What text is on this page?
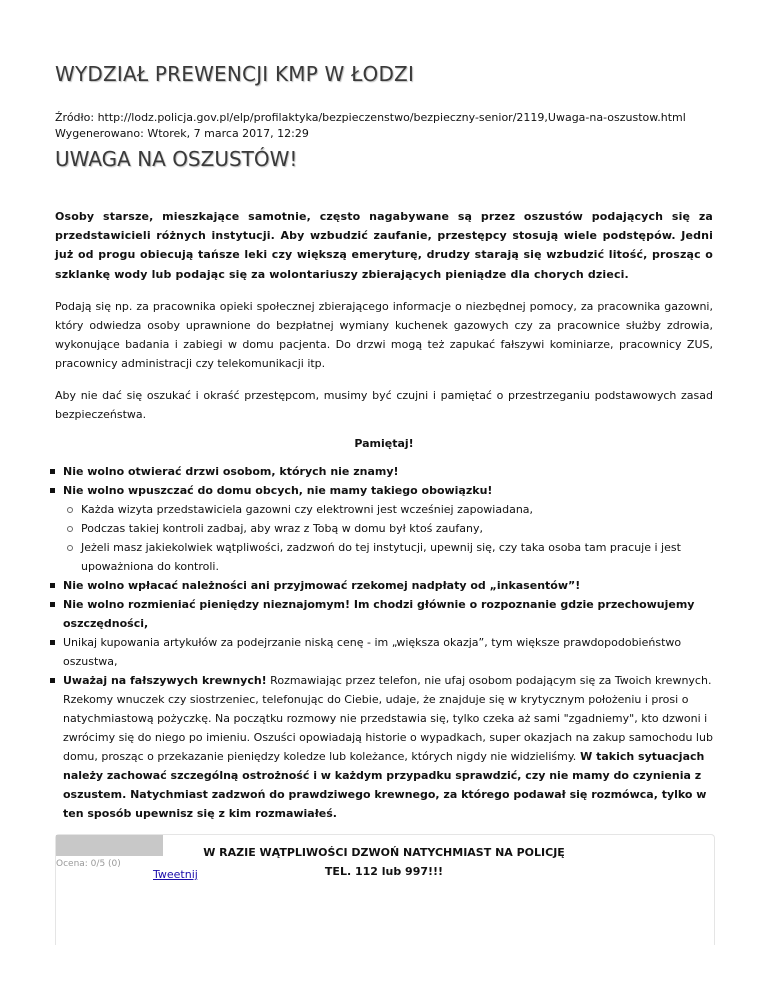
WYDZIAŁ PREWENCJI KMP W ŁODZI
Źródło: http://lodz.policja.gov.pl/elp/profilaktyka/bezpieczenstwo/bezpieczny-senior/2119,Uwaga-na-oszustow.html
Wygenerowano: Wtorek, 7 marca 2017, 12:29
UWAGA NA OSZUSTÓW!

Osoby starsze, mieszkające samotnie, często nagabywane są przez oszustów podających się za przedstawicieli różnych instytucji. Aby wzbudzić zaufanie, przestępcy stosują wiele podstępów. Jedni już od progu obiecują tańsze leki czy większą emeryturę, drudzy starają się wzbudzić litość, prosząc o szklankę wody lub podając się za wolontariuszy zbierających pieniądze dla chorych dzieci.

Podają się np. za pracownika opieki społecznej zbierającego informacje o niezbędnej pomocy, za pracownika gazowni, który odwiedza osoby uprawnione do bezpłatnej wymiany kuchenek gazowych czy za pracownice służby zdrowia, wykonujące badania i zabiegi w domu pacjenta. Do drzwi mogą też zapukać fałszywi kominiarze, pracownicy ZUS, pracownicy administracji czy telekomunikacji itp.

Aby nie dać się oszukać i okraść przestępcom, musimy być czujni i pamiętać o przestrzeganiu podstawowych zasad bezpieczeństwa.

Pamiętaj!

Nie wolno otwierać drzwi osobom, których nie znamy!
Nie wolno wpuszczać do domu obcych, nie mamy takiego obowiązku!
Każda wizyta przedstawiciela gazowni czy elektrowni jest wcześniej zapowiadana,
Podczas takiej kontroli zadbaj, aby wraz z Tobą w domu był ktoś zaufany,
Jeżeli masz jakiekolwiek wątpliwości, zadzwoń do tej instytucji, upewnij się, czy taka osoba tam pracuje i jest upoważniona do kontroli.
Nie wolno wpłacać należności ani przyjmować rzekomej nadpłaty od „inkasentów”!
Nie wolno rozmieniać pieniędzy nieznajomym! Im chodzi głównie o rozpoznanie gdzie przechowujemy oszczędności,
Unikaj kupowania artykułów za podejrzanie niską cenę - im „większa okazja”, tym większe prawdopodobieństwo oszustwa,
Uważaj na fałszywych krewnych! Rozmawiając przez telefon, nie ufaj osobom podającym się za Twoich krewnych. Rzekomy wnuczek czy siostrzeniec, telefonując do Ciebie, udaje, że znajduje się w krytycznym położeniu i prosi o natychmiastową pożyczkę. Na początku rozmowy nie przedstawia się, tylko czeka aż sami "zgadniemy", kto dzwoni i zwrócimy się do niego po imieniu. Oszuści opowiadają historie o wypadkach, super okazjach na zakup samochodu lub domu, prosząc o przekazanie pieniędzy koledze lub koleżance, których nigdy nie widzieliśmy. W takich sytuacjach należy zachować szczególną ostrożność i w każdym przypadku sprawdzić, czy nie mamy do czynienia z oszustem. Natychmiast zadzwoń do prawdziwego krewnego, za którego podawał się rozmówca, tylko w ten sposób upewnisz się z kim rozmawiałeś.
W RAZIE WĄTPLIWOŚCI DZWOŃ NATYCHMIAST NA POLICJĘ
TEL. 112 lub 997!!!
Ocena: 0/5 (0)
Tweetnij
